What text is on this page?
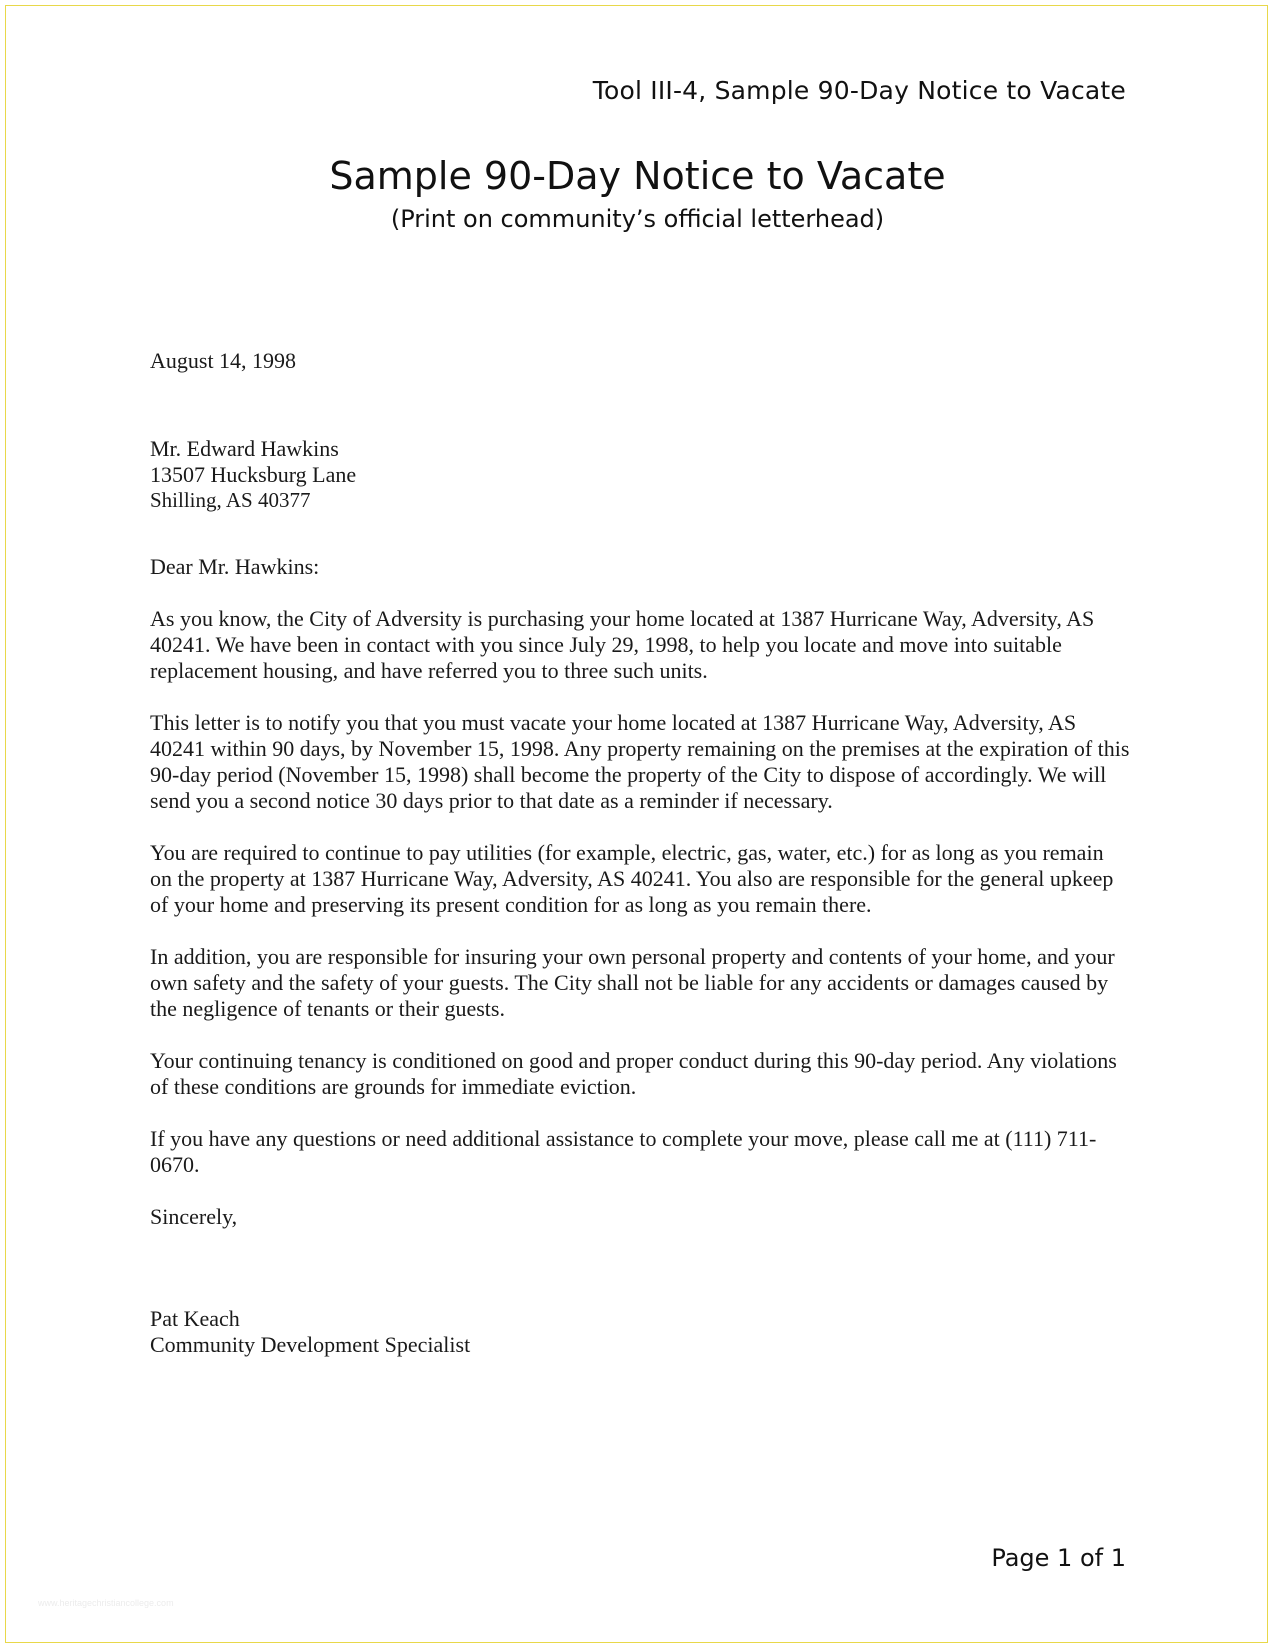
Tool III-4, Sample 90-Day Notice to Vacate
Sample 90-Day Notice to Vacate
(Print on community’s official letterhead)

August 14, 1998

Mr. Edward Hawkins
13507 Hucksburg Lane
Shilling, AS 40377

Dear Mr. Hawkins:

As you know, the City of Adversity is purchasing your home located at 1387 Hurricane Way, Adversity, AS 40241. We have been in contact with you since July 29, 1998, to help you locate and move into suitable replacement housing, and have referred you to three such units.

This letter is to notify you that you must vacate your home located at 1387 Hurricane Way, Adversity, AS 40241 within 90 days, by November 15, 1998. Any property remaining on the premises at the expiration of this 90-day period (November 15, 1998) shall become the property of the City to dispose of accordingly. We will send you a second notice 30 days prior to that date as a reminder if necessary.

You are required to continue to pay utilities (for example, electric, gas, water, etc.) for as long as you remain on the property at 1387 Hurricane Way, Adversity, AS 40241. You also are responsible for the general upkeep of your home and preserving its present condition for as long as you remain there.

In addition, you are responsible for insuring your own personal property and contents of your home, and your own safety and the safety of your guests. The City shall not be liable for any accidents or damages caused by the negligence of tenants or their guests.

Your continuing tenancy is conditioned on good and proper conduct during this 90-day period. Any violations of these conditions are grounds for immediate eviction.

If you have any questions or need additional assistance to complete your move, please call me at (111) 711-0670.

Sincerely,

Pat Keach
Community Development Specialist
Page 1 of 1
www.heritagechristiancollege.com
